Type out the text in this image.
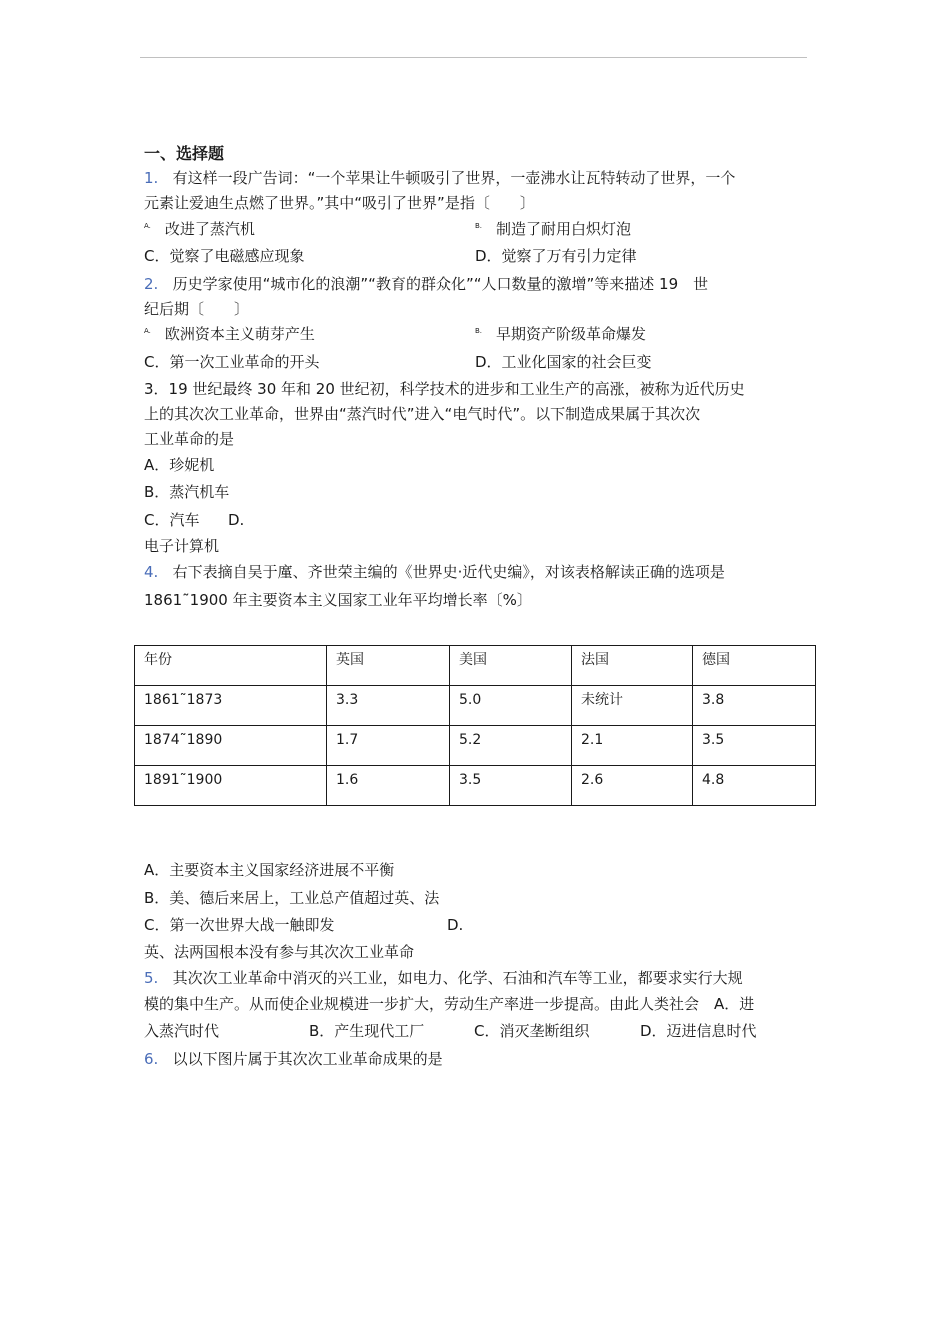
一、选择题
1. 有这样一段广告词：“一个苹果让牛顿吸引了世界，一壶沸水让瓦特转动了世界，一个
元素让爱迪生点燃了世界。”其中“吸引了世界”是指〔　　〕
$^{A.}$ 改进了蒸汽机	$^{B.}$ 制造了耐用白炽灯泡
C．觉察了电磁感应现象	D．觉察了万有引力定律
2. 历史学家使用“城市化的浪潮”“教育的群众化”“人口数量的激增”等来描述 19　世
纪后期〔　　〕
$^{A.}$ 欧洲资本主义萌芽产生	$^{B.}$ 早期资产阶级革命爆发
C．第一次工业革命的开头	D．工业化国家的社会巨变
3．19 世纪最终 30 年和 20 世纪初，科学技术的进步和工业生产的高涨，被称为近代历史
上的其次次工业革命，世界由“蒸汽时代”进入“电气时代”。以下制造成果属于其次次
工业革命的是
A．珍妮机
B．蒸汽机车
C．汽车 D.
电子计算机
4. 右下表摘自吴于廑、齐世荣主编的《世界史·近代史编》，对该表格解读正确的选项是
1861˜1900 年主要资本主义国家工业年平均增长率〔%〕
年份	英国	美国	法国	德国
1861˜1873	3.3	5.0	未统计	3.8
1874˜1890	1.7	5.2	2.1	3.5
1891˜1900	1.6	3.5	2.6	4.8
A．主要资本主义国家经济进展不平衡
B．美、德后来居上，工业总产值超过英、法
C．第一次世界大战一触即发	D.
英、法两国根本没有参与其次次工业革命
5. 其次次工业革命中消灭的兴工业，如电力、化学、石油和汽车等工业，都要求实行大规
模的集中生产。从而使企业规模进一步扩大，劳动生产率进一步提高。由此人类社会　A．进
入蒸汽时代	B．产生现代工厂	C．消灭垄断组织	D．迈进信息时代
6. 以以下图片属于其次次工业革命成果的是
